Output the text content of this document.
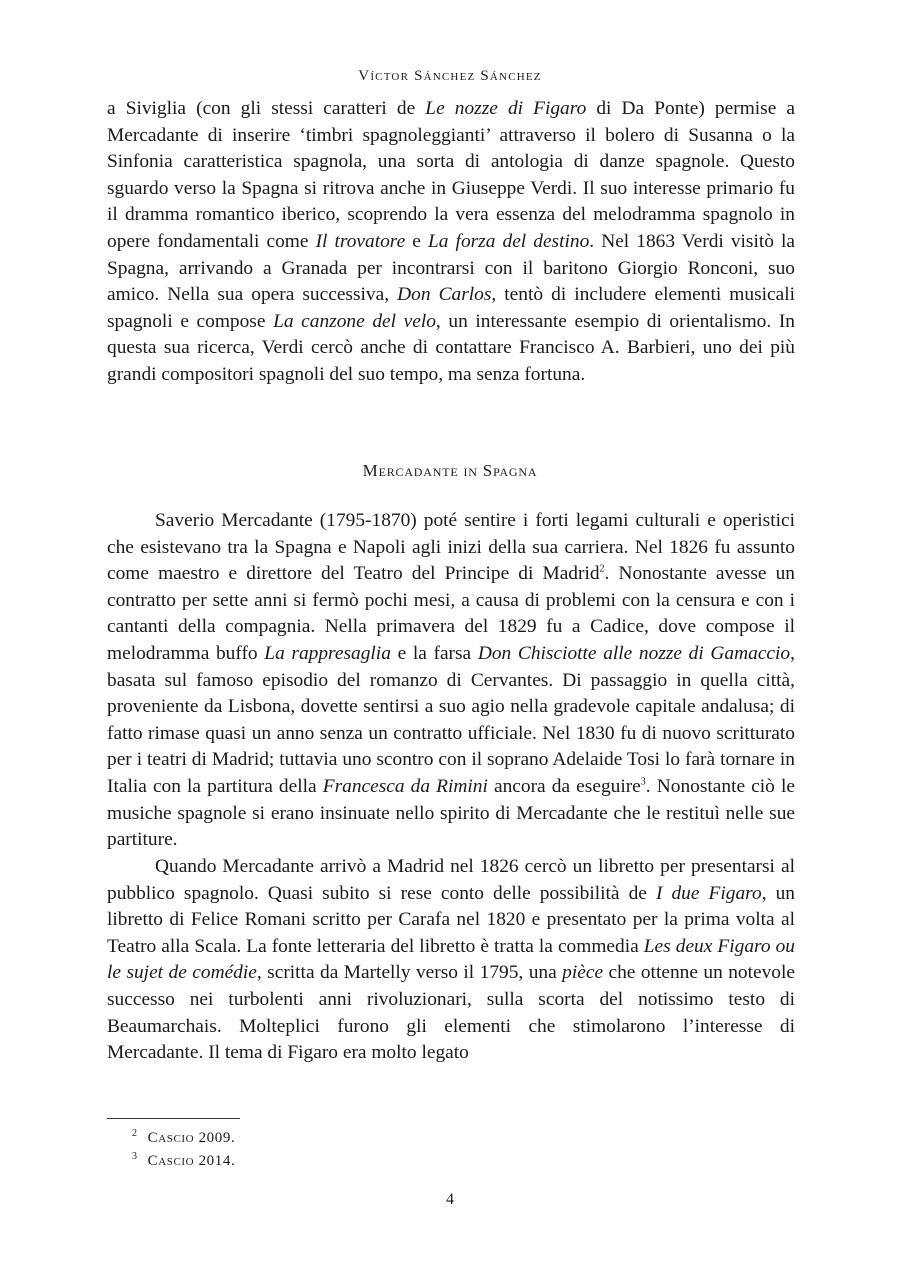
Víctor Sánchez Sánchez
a Siviglia (con gli stessi caratteri de Le nozze di Figaro di Da Ponte) permise a Mercadante di inserire ‘timbri spagnoleggianti’ attraverso il bolero di Susanna o la Sinfonia caratteristica spagnola, una sorta di antologia di danze spagnole. Questo sguardo verso la Spagna si ritrova anche in Giuseppe Verdi. Il suo interesse primario fu il dramma romantico iberico, scoprendo la vera essenza del melodramma spagnolo in opere fondamentali come Il trovatore e La forza del destino. Nel 1863 Verdi visitò la Spagna, arrivando a Granada per incontrarsi con il baritono Giorgio Ronconi, suo amico. Nella sua opera successiva, Don Carlos, tentò di includere elementi musicali spagnoli e compose La canzone del velo, un interessante esempio di orientalismo. In questa sua ricerca, Verdi cercò anche di contattare Francisco A. Barbieri, uno dei più grandi compositori spagnoli del suo tempo, ma senza fortuna.
Mercadante in Spagna
Saverio Mercadante (1795-1870) poté sentire i forti legami culturali e operistici che esistevano tra la Spagna e Napoli agli inizi della sua carriera. Nel 1826 fu assunto come maestro e direttore del Teatro del Principe di Madrid$^2$. Nonostante avesse un contratto per sette anni si fermò pochi mesi, a causa di problemi con la censura e con i cantanti della compagnia. Nella primavera del 1829 fu a Cadice, dove compose il melodramma buffo La rappresaglia e la farsa Don Chisciotte alle nozze di Gamaccio, basata sul famoso episodio del romanzo di Cervantes. Di passaggio in quella città, proveniente da Lisbona, dovette sentirsi a suo agio nella gradevole capitale andalusa; di fatto rimase quasi un anno senza un contratto ufficiale. Nel 1830 fu di nuovo scritturato per i teatri di Madrid; tuttavia uno scontro con il soprano Adelaide Tosi lo farà tornare in Italia con la partitura della Francesca da Rimini ancora da eseguire$^3$. Nonostante ciò le musiche spagnole si erano insinuate nello spirito di Mercadante che le restituì nelle sue partiture.
Quando Mercadante arrivò a Madrid nel 1826 cercò un libretto per presentarsi al pubblico spagnolo. Quasi subito si rese conto delle possibilità de I due Figaro, un libretto di Felice Romani scritto per Carafa nel 1820 e presentato per la prima volta al Teatro alla Scala. La fonte letteraria del libretto è tratta la commedia Les deux Figaro ou le sujet de comédie, scritta da Martelly verso il 1795, una pièce che ottenne un notevole successo nei turbolenti anni rivoluzionari, sulla scorta del notissimo testo di Beaumarchais. Molteplici furono gli elementi che stimolarono l’interesse di Mercadante. Il tema di Figaro era molto legato
$^2$ Cascio 2009.
$^3$ Cascio 2014.
4
